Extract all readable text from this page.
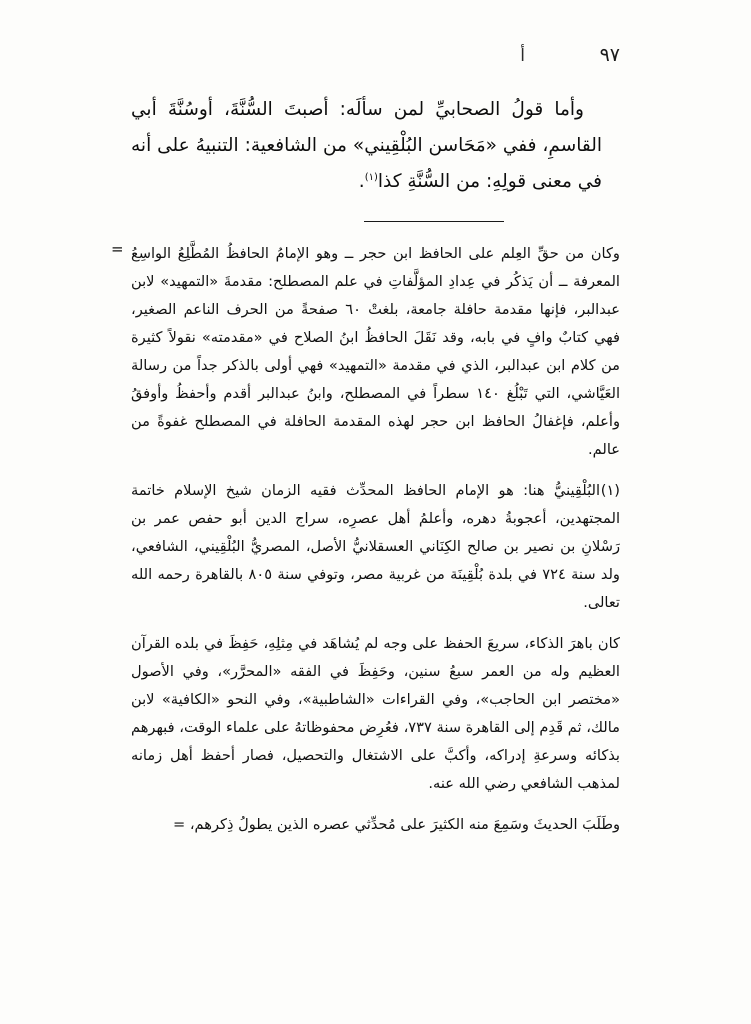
٩٧
أ

وأما قولُ الصحابيِّ لمن سألَه: أصبتَ السُّنَّةَ، أوسُنَّةَ أبي القاسمِ، ففي «مَحَاسن البُلْقِيني» من الشافعية: التنبيهُ على أنه في معنى قولِهِ: من السُّنَّةِ كذا$^{(١)}$.

= وكان من حقِّ العِلم على الحافظ ابن حجر ــ وهو الإمامُ الحافظُ المُطَّلِعُ الواسِعُ المعرفة ــ أن يَذكُر في عِدادِ المؤلَّفاتِ في علم المصطلح: مقدمةَ «التمهيد» لابن عبدالبر، فإنها مقدمة حافلة جامعة، بلغتْ ٦٠ صفحةً من الحرف الناعم الصغير، فهي كتابٌ وافٍ في بابه، وقد نَقَلَ الحافظُ ابنُ الصلاح في «مقدمته» نقولاً كثيرة من كلام ابن عبدالبر، الذي في مقدمة «التمهيد» فهي أولى بالذكر جداً من رسالة العَيَّاشي، التي تَبْلُغ ١٤٠ سطراً في المصطلح، وابنُ عبدالبر أقدم وأحفظُ وأوفقُ وأعلم، فإغفالُ الحافظ ابن حجر لهذه المقدمة الحافلة في المصطلح غفوةً من عالم.

(١)البُلْقِينيُّ هنا: هو الإمام الحافظ المحدِّث فقيه الزمان شيخ الإسلام خاتمة المجتهدين، أعجوبةُ دهره، وأعلمُ أهل عصرِه، سراج الدين أبو حفص عمر بن رَسْلانِ بن نصير بن صالح الكِنَاني العسقلانيُّ الأصل، المصريُّ البُلْقِيني، الشافعي، ولد سنة ٧٢٤ في بلدة بُلْقِينَة من غربية مصر، وتوفي سنة ٨٠٥ بالقاهرة رحمه الله تعالى.

كان باهرَ الذكاء، سريعَ الحفظ على وجه لم يُشاهَد في مِثلِهِ، حَفِظَ في بلده القرآن العظيم وله من العمر سبعُ سنين، وحَفِظَ في الفقه «المحرَّر»، وفي الأصول «مختصر ابن الحاجب»، وفي القراءات «الشاطبية»، وفي النحو «الكافية» لابن مالك، ثم قَدِم إلى القاهرة سنة ٧٣٧، فعُرِض محفوظاتهُ على علماء الوقت، فبهرهم بذكائه وسرعةِ إدراكه، وأكبَّ على الاشتغال والتحصيل، فصار أحفظ أهل زمانه لمذهب الشافعي رضي الله عنه.

وطَلَبَ الحديثَ وسَمِعَ منه الكثيرَ على مُحدِّثي عصره الذين يطولُ ذِكرهم، =
